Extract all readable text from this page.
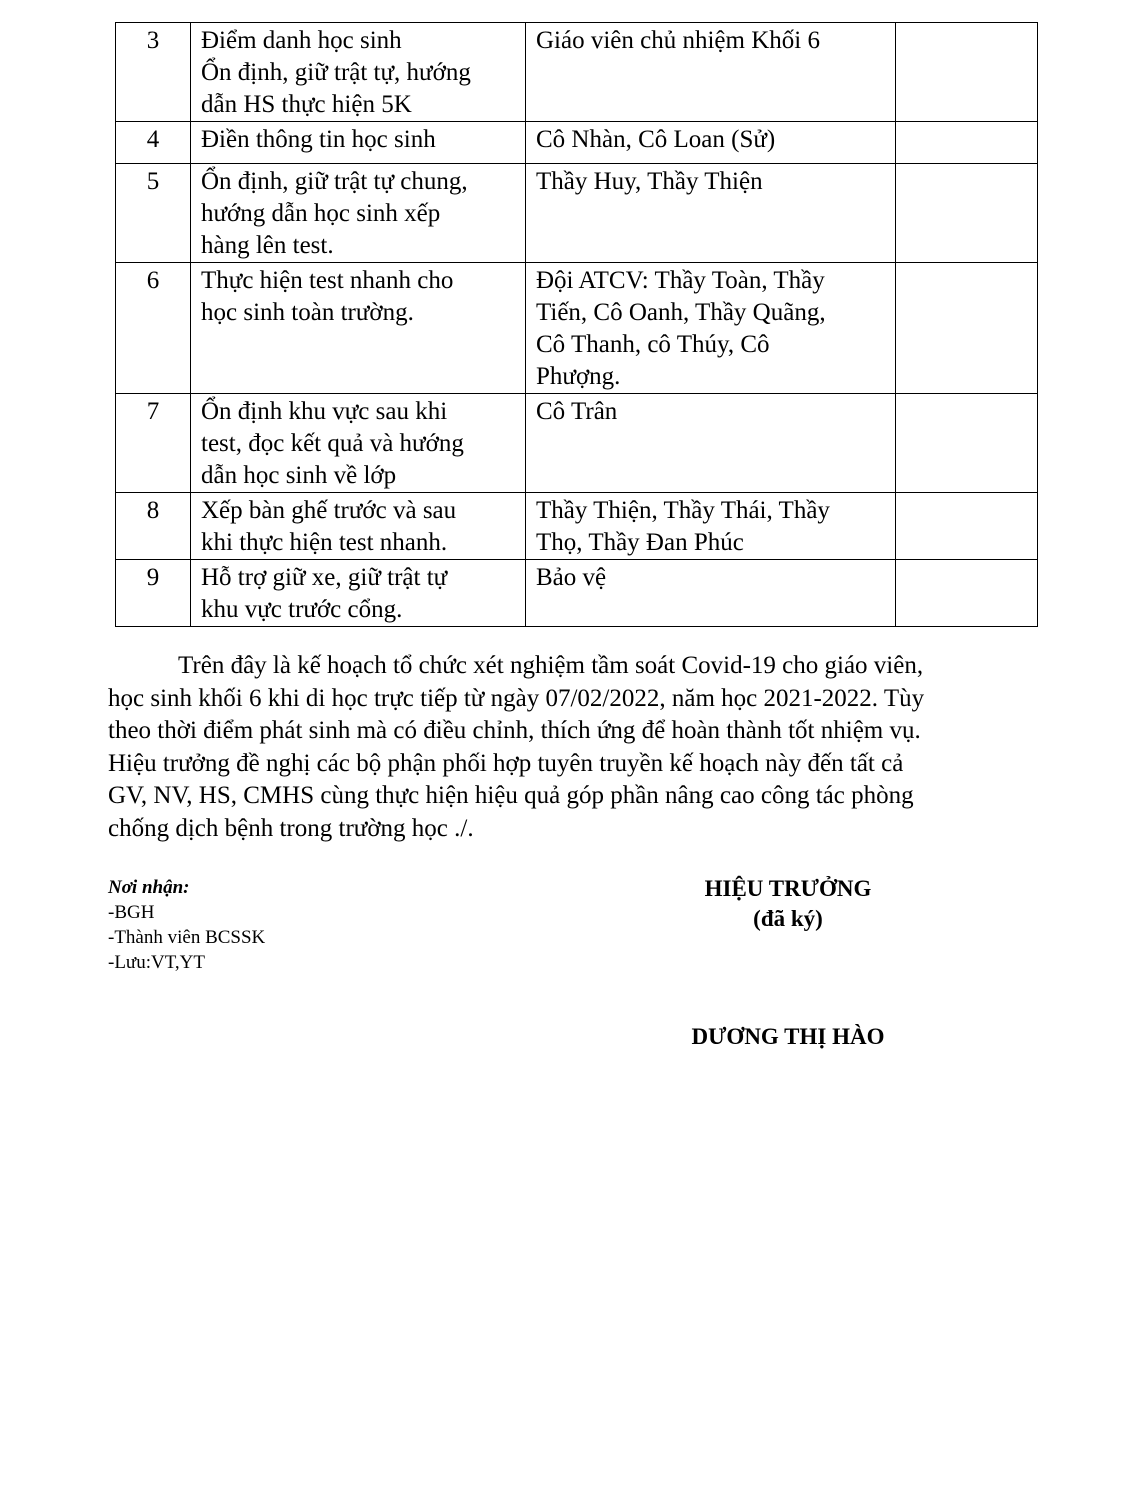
3	Điểm danh học sinh
Ổn định, giữ trật tự, hướng
dẫn HS thực hiện 5K	Giáo viên chủ nhiệm Khối 6	

4	Điền thông tin học sinh	Cô Nhàn, Cô Loan (Sử)	

5	Ổn định, giữ trật tự chung,
hướng dẫn học sinh xếp
hàng lên test.	Thầy Huy, Thầy Thiện	

6	Thực hiện test nhanh cho
học sinh toàn trường.	Đội ATCV: Thầy Toàn, Thầy
Tiến, Cô Oanh, Thầy Quãng,
Cô Thanh, cô Thúy, Cô
Phượng.	

7	Ổn định khu vực sau khi
test, đọc kết quả và hướng
dẫn học sinh về lớp	Cô Trân	

8	Xếp bàn ghế trước và sau
khi thực hiện test nhanh.	Thầy Thiện, Thầy Thái, Thầy
Thọ, Thầy Đan Phúc	

9	Hỗ trợ giữ xe, giữ trật tự
khu vực trước cổng.	Bảo vệ	

Trên đây là kế hoạch tổ chức xét nghiệm tầm soát Covid-19 cho giáo viên,
học sinh khối 6 khi di học trực tiếp từ ngày 07/02/2022, năm học 2021-2022. Tùy
theo thời điểm phát sinh mà có điều chỉnh, thích ứng để hoàn thành tốt nhiệm vụ.
Hiệu trưởng đề nghị các bộ phận phối hợp tuyên truyền kế hoạch này đến tất cả
GV, NV, HS, CMHS cùng thực hiện hiệu quả góp phần nâng cao công tác phòng
chống dịch bệnh trong trường học ./.
Nơi nhận:
-BGH
-Thành viên BCSSK
-Lưu:VT,YT
HIỆU TRƯỞNG
(đã ký)
DƯƠNG THỊ HÀO
